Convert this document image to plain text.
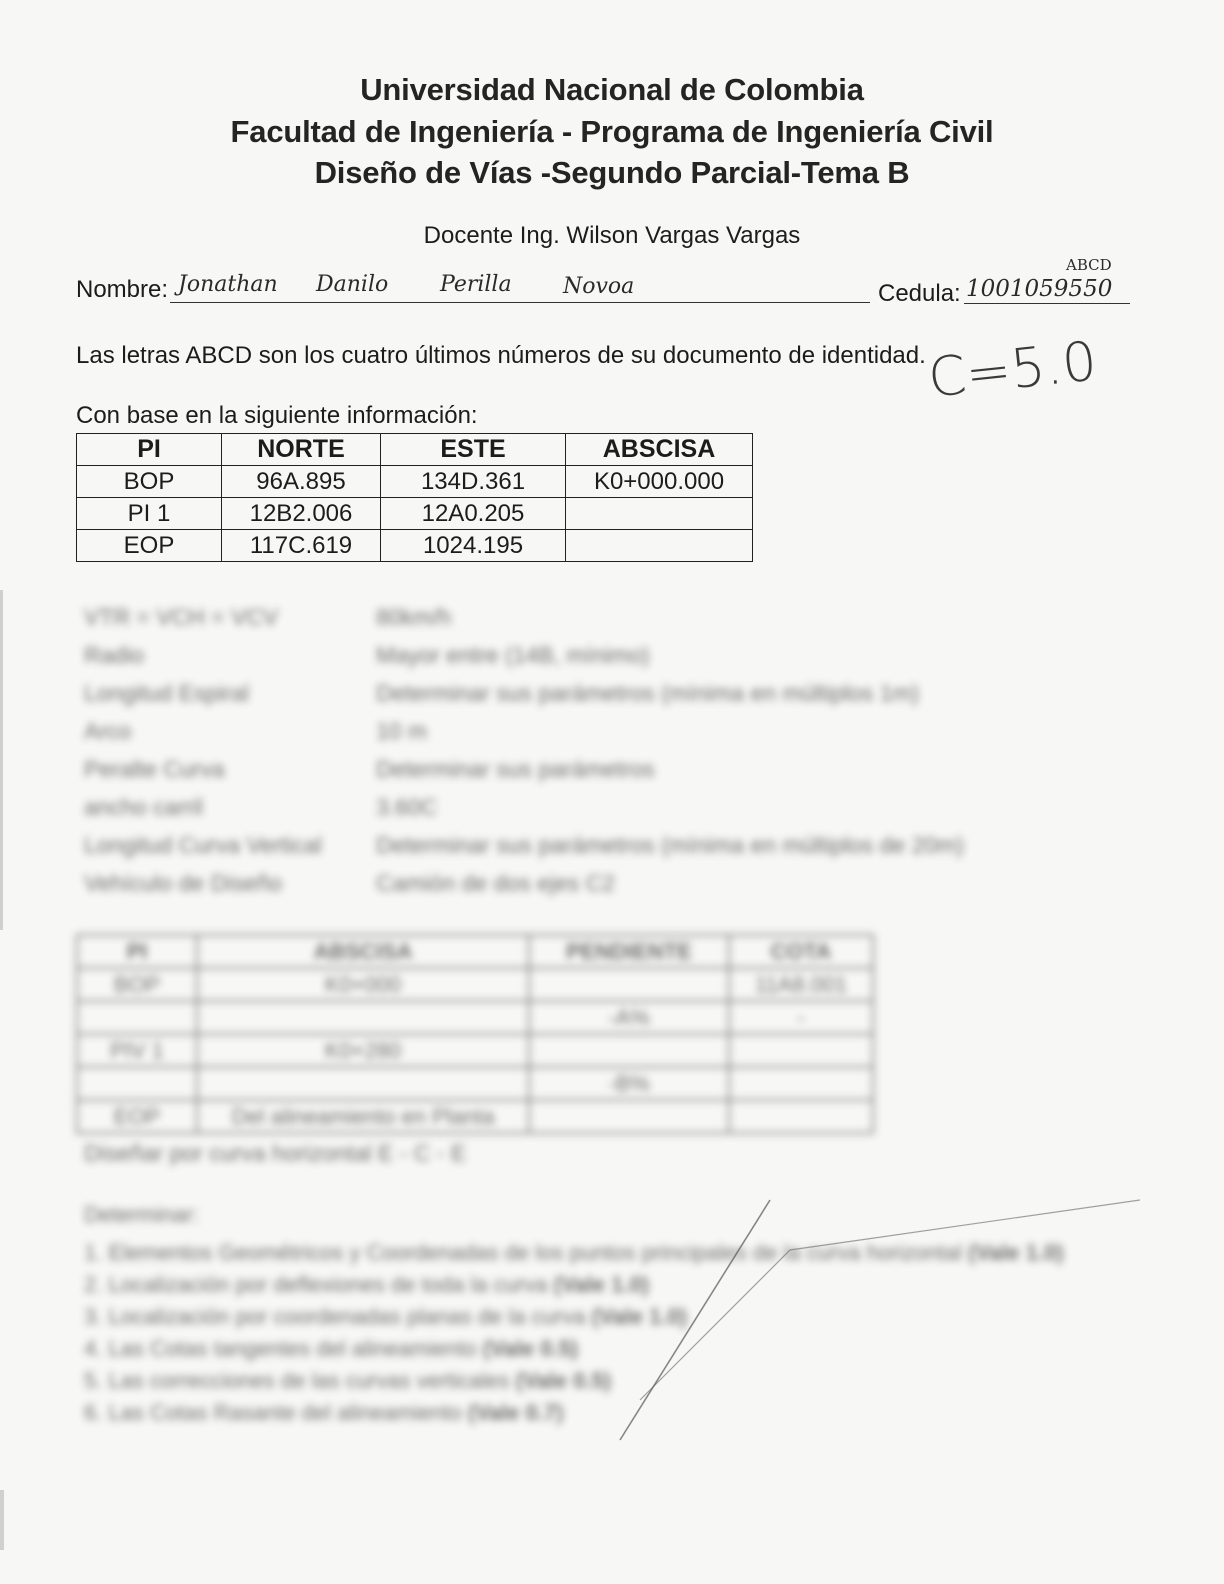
Universidad Nacional de Colombia
Facultad de Ingeniería - Programa de Ingeniería Civil
Diseño de Vías -Segundo Parcial-Tema B
Docente Ing. Wilson Vargas Vargas
Nombre: Jonathan Danilo Perilla Novoa	Cedula: 1001059550
ABCD
Las letras ABCD son los cuatro últimos números de su documento de identidad. C=5.0
Con base en la siguiente información:
PI	NORTE	ESTE	ABSCISA
BOP	96A.895	134D.361	K0+000.000
PI 1	12B2.006	12A0.205	
EOP	117C.619	1024.195	
VTR = VCH = VCV	80km/h
Radio	Mayor entre (14B, mínimo)
Longitud Espiral	Determinar sus parámetros (mínima en múltiplos 1m)
Arco	10 m
Peralte Curva	Determinar sus parámetros
ancho carril	3.60C
Longitud Curva Vertical Determinar sus parámetros (mínima en múltiplos de 20m)
Vehículo de Diseño	Camión de dos ejes C2
PI	ABSCISA	PENDIENTE	COTA
BOP	K0+000		11A8.001
		-A%	-
PIV 1	K0+280		
		-B%	
EOP	Del alineamiento en Planta		
Diseñar por curva horizontal E - C - E
Determinar:
1. Elementos Geométricos y Coordenadas de los puntos principales de la curva horizontal (Vale 1.0)
2. Localización por deflexiones de toda la curva (Vale 1.0)
3. Localización por coordenadas planas de la curva (Vale 1.0)
4. Las Cotas tangentes del alineamiento (Vale 0.5)
5. Las correcciones de las curvas verticales (Vale 0.5)
6. Las Cotas Rasante del alineamiento (Vale 0.7)
